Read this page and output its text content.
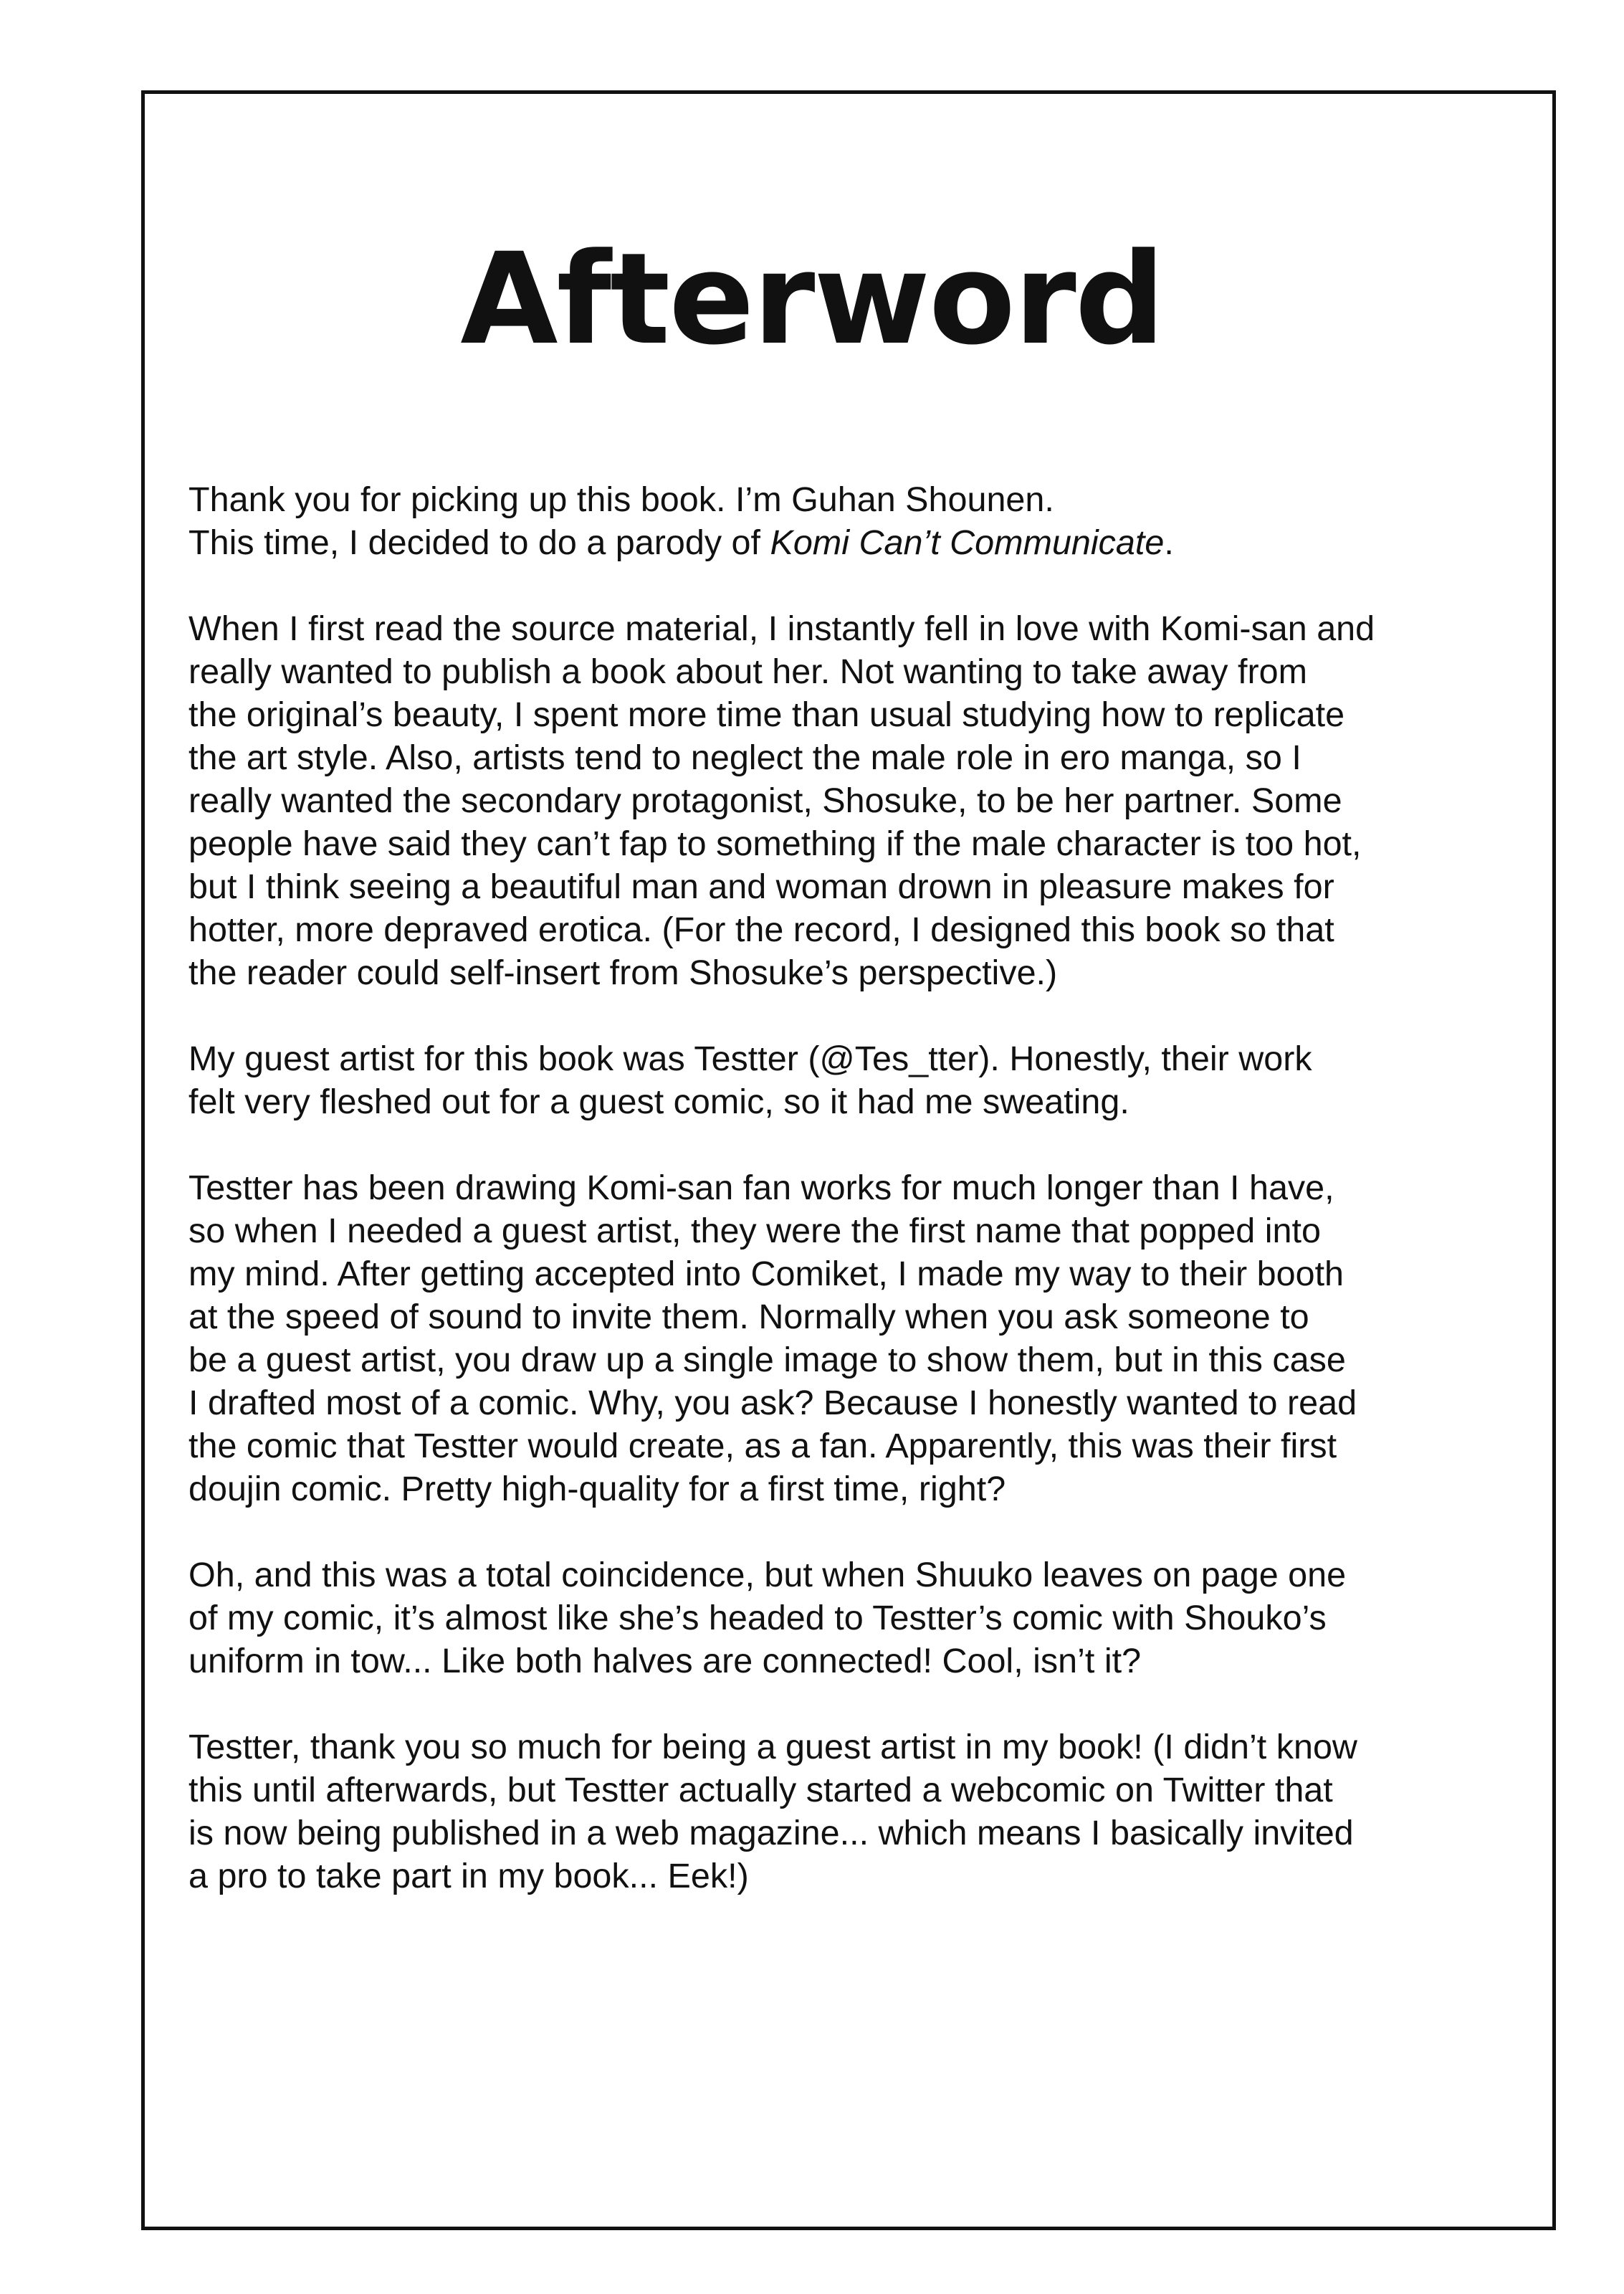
Afterword

Thank you for picking up this book. I’m Guhan Shounen.
This time, I decided to do a parody of Komi Can’t Communicate.

When I first read the source material, I instantly fell in love with Komi-san and
really wanted to publish a book about her. Not wanting to take away from
the original’s beauty, I spent more time than usual studying how to replicate
the art style. Also, artists tend to neglect the male role in ero manga, so I
really wanted the secondary protagonist, Shosuke, to be her partner. Some
people have said they can’t fap to something if the male character is too hot,
but I think seeing a beautiful man and woman drown in pleasure makes for
hotter, more depraved erotica. (For the record, I designed this book so that
the reader could self-insert from Shosuke’s perspective.)

My guest artist for this book was Testter (@Tes_tter). Honestly, their work
felt very fleshed out for a guest comic, so it had me sweating.

Testter has been drawing Komi-san fan works for much longer than I have,
so when I needed a guest artist, they were the first name that popped into
my mind. After getting accepted into Comiket, I made my way to their booth
at the speed of sound to invite them. Normally when you ask someone to
be a guest artist, you draw up a single image to show them, but in this case
I drafted most of a comic. Why, you ask? Because I honestly wanted to read
the comic that Testter would create, as a fan. Apparently, this was their first
doujin comic. Pretty high-quality for a first time, right?

Oh, and this was a total coincidence, but when Shuuko leaves on page one
of my comic, it’s almost like she’s headed to Testter’s comic with Shouko’s
uniform in tow... Like both halves are connected! Cool, isn’t it?

Testter, thank you so much for being a guest artist in my book! (I didn’t know
this until afterwards, but Testter actually started a webcomic on Twitter that
is now being published in a web magazine... which means I basically invited
a pro to take part in my book... Eek!)
